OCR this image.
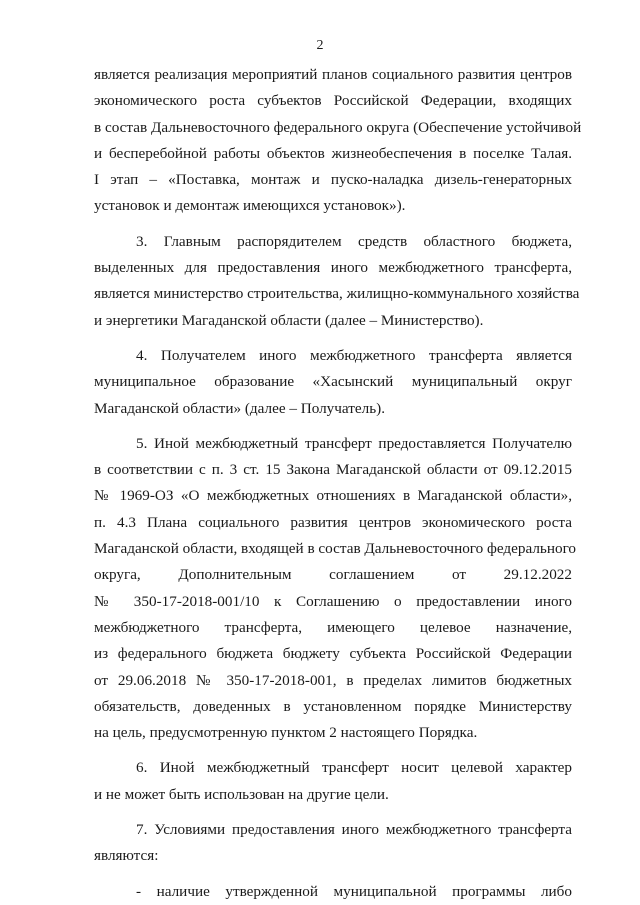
2
является реализация мероприятий планов социального развития центров
экономического роста субъектов Российской Федерации, входящих
в состав Дальневосточного федерального округа (Обеспечение устойчивой
и бесперебойной работы объектов жизнеобеспечения в поселке Талая.
I этап – «Поставка, монтаж и пуско-наладка дизель-генераторных
установок и демонтаж имеющихся установок»).
3. Главным распорядителем средств областного бюджета,
выделенных для предоставления иного межбюджетного трансферта,
является министерство строительства, жилищно-коммунального хозяйства
и энергетики Магаданской области (далее – Министерство).
4. Получателем иного межбюджетного трансферта является
муниципальное образование «Хасынский муниципальный округ
Магаданской области» (далее – Получатель).
5. Иной межбюджетный трансферт предоставляется Получателю
в соответствии с п. 3 ст. 15 Закона Магаданской области от 09.12.2015
№ 1969-ОЗ «О межбюджетных отношениях в Магаданской области»,
п. 4.3 Плана социального развития центров экономического роста
Магаданской области, входящей в состав Дальневосточного федерального
округа, Дополнительным соглашением от 29.12.2022
№ 350-17-2018-001/10 к Соглашению о предоставлении иного
межбюджетного трансферта, имеющего целевое назначение,
из федерального бюджета бюджету субъекта Российской Федерации
от 29.06.2018 № 350-17-2018-001, в пределах лимитов бюджетных
обязательств, доведенных в установленном порядке Министерству
на цель, предусмотренную пунктом 2 настоящего Порядка.
6. Иной межбюджетный трансферт носит целевой характер
и не может быть использован на другие цели.
7. Условиями предоставления иного межбюджетного трансферта
являются:
- наличие утвержденной муниципальной программы либо
